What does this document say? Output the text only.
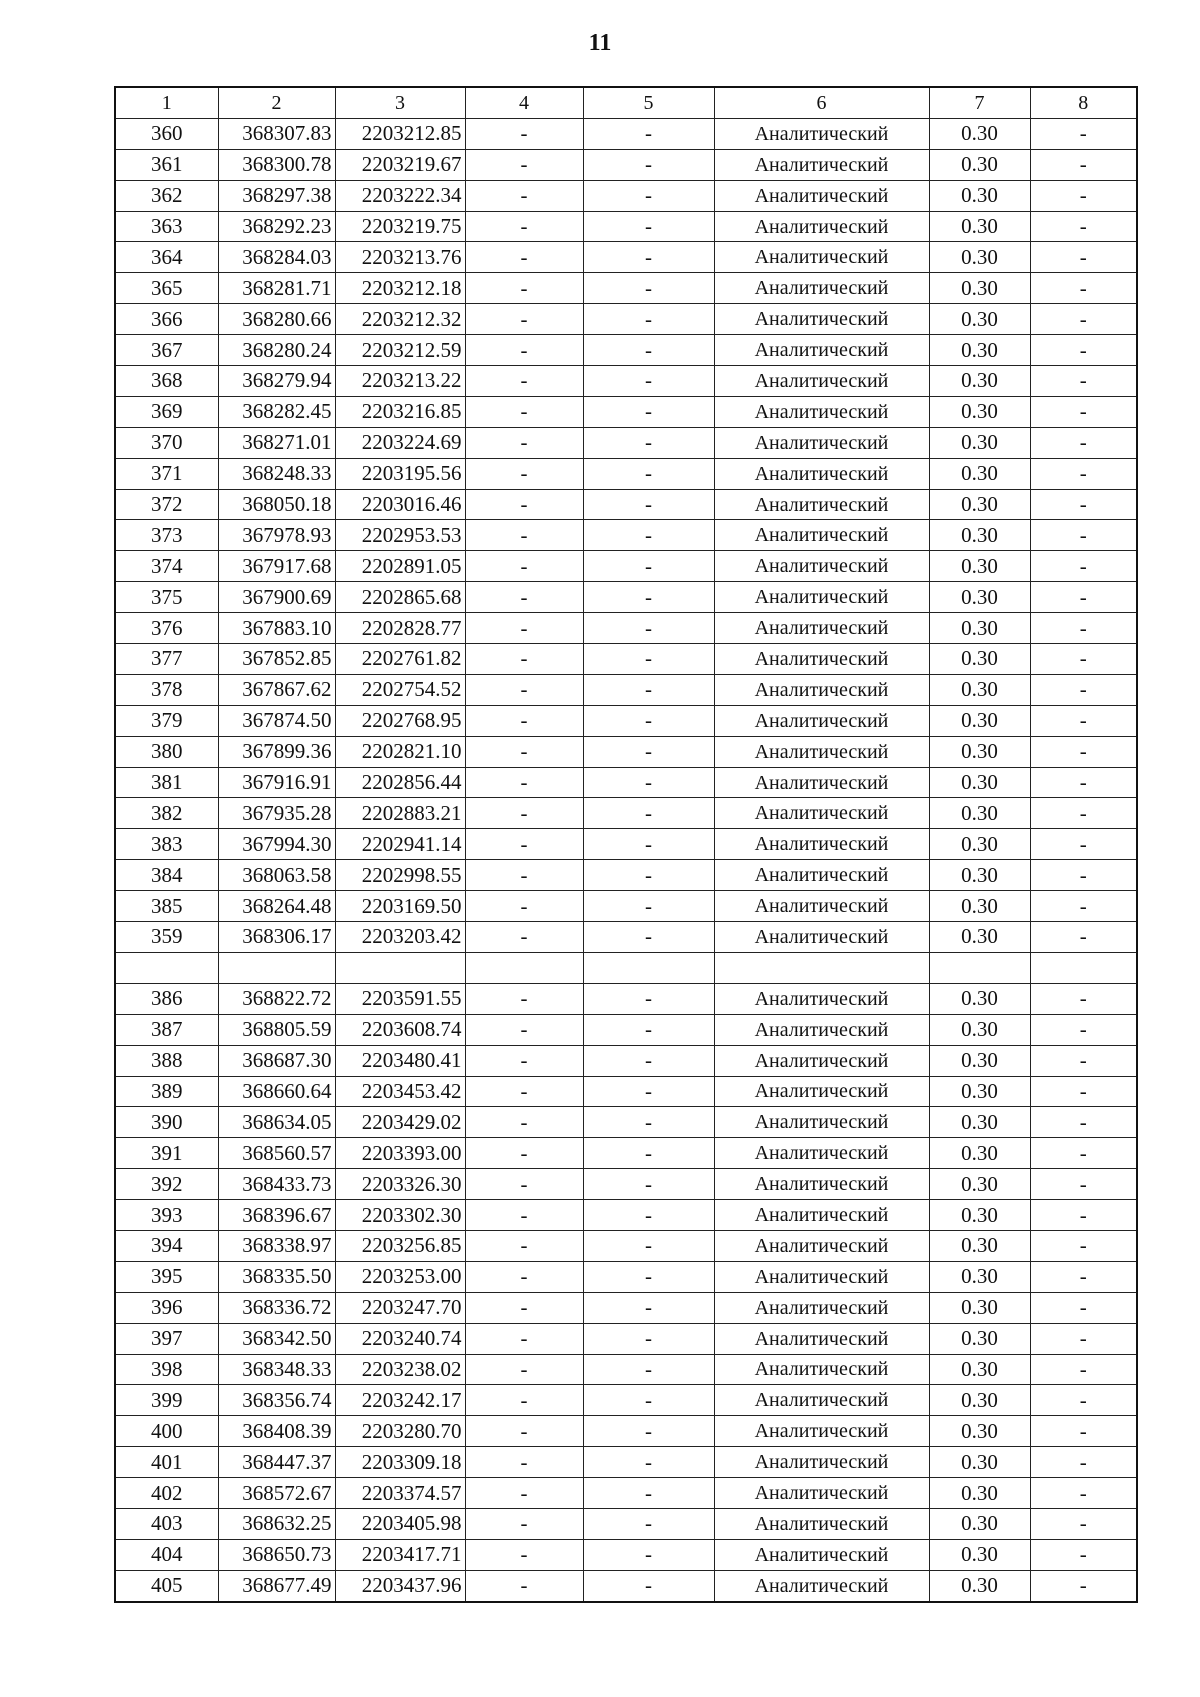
11
1	2	3	4	5	6	7	8
360	368307.83	2203212.85	-	-	Аналитический	0.30	-
361	368300.78	2203219.67	-	-	Аналитический	0.30	-
362	368297.38	2203222.34	-	-	Аналитический	0.30	-
363	368292.23	2203219.75	-	-	Аналитический	0.30	-
364	368284.03	2203213.76	-	-	Аналитический	0.30	-
365	368281.71	2203212.18	-	-	Аналитический	0.30	-
366	368280.66	2203212.32	-	-	Аналитический	0.30	-
367	368280.24	2203212.59	-	-	Аналитический	0.30	-
368	368279.94	2203213.22	-	-	Аналитический	0.30	-
369	368282.45	2203216.85	-	-	Аналитический	0.30	-
370	368271.01	2203224.69	-	-	Аналитический	0.30	-
371	368248.33	2203195.56	-	-	Аналитический	0.30	-
372	368050.18	2203016.46	-	-	Аналитический	0.30	-
373	367978.93	2202953.53	-	-	Аналитический	0.30	-
374	367917.68	2202891.05	-	-	Аналитический	0.30	-
375	367900.69	2202865.68	-	-	Аналитический	0.30	-
376	367883.10	2202828.77	-	-	Аналитический	0.30	-
377	367852.85	2202761.82	-	-	Аналитический	0.30	-
378	367867.62	2202754.52	-	-	Аналитический	0.30	-
379	367874.50	2202768.95	-	-	Аналитический	0.30	-
380	367899.36	2202821.10	-	-	Аналитический	0.30	-
381	367916.91	2202856.44	-	-	Аналитический	0.30	-
382	367935.28	2202883.21	-	-	Аналитический	0.30	-
383	367994.30	2202941.14	-	-	Аналитический	0.30	-
384	368063.58	2202998.55	-	-	Аналитический	0.30	-
385	368264.48	2203169.50	-	-	Аналитический	0.30	-
359	368306.17	2203203.42	-	-	Аналитический	0.30	-

386	368822.72	2203591.55	-	-	Аналитический	0.30	-
387	368805.59	2203608.74	-	-	Аналитический	0.30	-
388	368687.30	2203480.41	-	-	Аналитический	0.30	-
389	368660.64	2203453.42	-	-	Аналитический	0.30	-
390	368634.05	2203429.02	-	-	Аналитический	0.30	-
391	368560.57	2203393.00	-	-	Аналитический	0.30	-
392	368433.73	2203326.30	-	-	Аналитический	0.30	-
393	368396.67	2203302.30	-	-	Аналитический	0.30	-
394	368338.97	2203256.85	-	-	Аналитический	0.30	-
395	368335.50	2203253.00	-	-	Аналитический	0.30	-
396	368336.72	2203247.70	-	-	Аналитический	0.30	-
397	368342.50	2203240.74	-	-	Аналитический	0.30	-
398	368348.33	2203238.02	-	-	Аналитический	0.30	-
399	368356.74	2203242.17	-	-	Аналитический	0.30	-
400	368408.39	2203280.70	-	-	Аналитический	0.30	-
401	368447.37	2203309.18	-	-	Аналитический	0.30	-
402	368572.67	2203374.57	-	-	Аналитический	0.30	-
403	368632.25	2203405.98	-	-	Аналитический	0.30	-
404	368650.73	2203417.71	-	-	Аналитический	0.30	-
405	368677.49	2203437.96	-	-	Аналитический	0.30	-
